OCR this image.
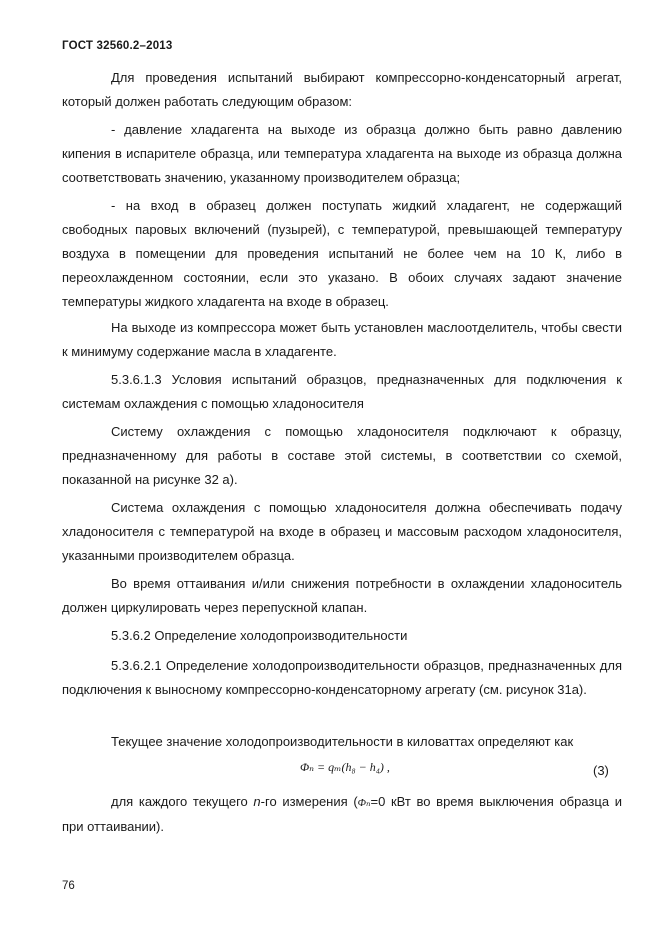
ГОСТ 32560.2–2013

Для проведения испытаний выбирают компрессорно-конденсаторный агрегат, который должен работать следующим образом:

- давление хладагента на выходе из образца должно быть равно давлению кипения в испарителе образца, или температура хладагента на выходе из образца должна соответствовать значению, указанному производителем образца;

- на вход в образец должен поступать жидкий хладагент, не содержащий свободных паровых включений (пузырей), с температурой, превышающей температуру воздуха в помещении для проведения испытаний не более чем на 10 К, либо в переохлажденном состоянии, если это указано. В обоих случаях задают значение температуры жидкого хладагента на входе в образец.

На выходе из компрессора может быть установлен маслоотделитель, чтобы свести к минимуму содержание масла в хладагенте.

5.3.6.1.3 Условия испытаний образцов, предназначенных для подключения к системам охлаждения с помощью хладоносителя

Систему охлаждения с помощью хладоносителя подключают к образцу, предназначенному для работы в составе этой системы, в соответствии со схемой, показанной на рисунке 32 а).

Система охлаждения с помощью хладоносителя должна обеспечивать подачу хладоносителя с температурой на входе в образец и массовым расходом хладоносителя, указанными производителем образца.

Во время оттаивания и/или снижения потребности в охлаждении хладоноситель должен циркулировать через перепускной клапан.

5.3.6.2 Определение холодопроизводительности

5.3.6.2.1 Определение холодопроизводительности образцов, предназначенных для подключения к выносному компрессорно-конденсаторному агрегату (см. рисунок 31а).

Текущее значение холодопроизводительности в киловаттах определяют как

Φₙ = qₘ(h₈ − h₄) ,	(3)

для каждого текущего n-го измерения (Φₙ=0 кВт во время выключения образца и при оттаивании).

76
